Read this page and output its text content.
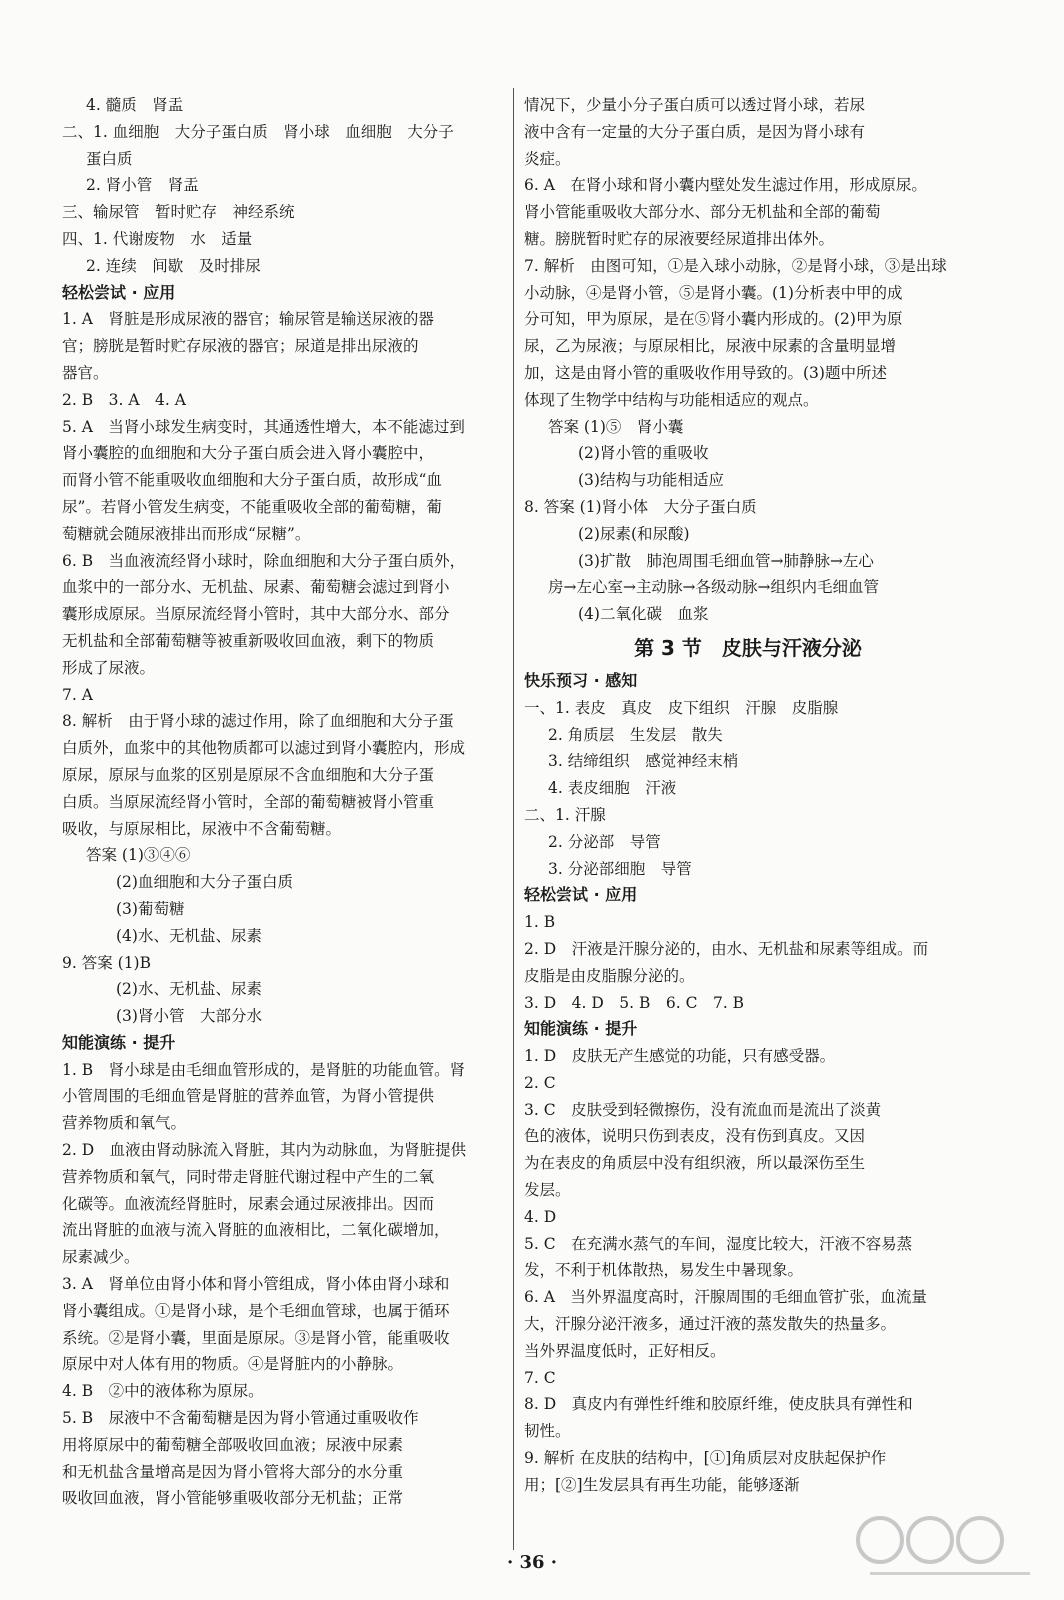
4. 髓质　肾盂
二、1. 血细胞　大分子蛋白质　肾小球　血细胞　大分子
蛋白质
2. 肾小管　肾盂
三、输尿管　暂时贮存　神经系统
四、1. 代谢废物　水　适量
2. 连续　间歇　及时排尿
轻松尝试 · 应用
1. A　肾脏是形成尿液的器官；输尿管是输送尿液的器
官；膀胱是暂时贮存尿液的器官；尿道是排出尿液的
器官。
2. B　3. A　4. A
5. A　当肾小球发生病变时，其通透性增大，本不能滤过到
肾小囊腔的血细胞和大分子蛋白质会进入肾小囊腔中，
而肾小管不能重吸收血细胞和大分子蛋白质，故形成“血
尿”。若肾小管发生病变，不能重吸收全部的葡萄糖，葡
萄糖就会随尿液排出而形成“尿糖”。
6. B　当血液流经肾小球时，除血细胞和大分子蛋白质外，
血浆中的一部分水、无机盐、尿素、葡萄糖会滤过到肾小
囊形成原尿。当原尿流经肾小管时，其中大部分水、部分
无机盐和全部葡萄糖等被重新吸收回血液，剩下的物质
形成了尿液。
7. A
8. 解析　由于肾小球的滤过作用，除了血细胞和大分子蛋
白质外，血浆中的其他物质都可以滤过到肾小囊腔内，形成
原尿，原尿与血浆的区别是原尿不含血细胞和大分子蛋
白质。当原尿流经肾小管时，全部的葡萄糖被肾小管重
吸收，与原尿相比，尿液中不含葡萄糖。
答案 (1)③④⑥
(2)血细胞和大分子蛋白质
(3)葡萄糖
(4)水、无机盐、尿素
9. 答案 (1)B
(2)水、无机盐、尿素
(3)肾小管　大部分水
知能演练 · 提升
1. B　肾小球是由毛细血管形成的，是肾脏的功能血管。肾
小管周围的毛细血管是肾脏的营养血管，为肾小管提供
营养物质和氧气。
2. D　血液由肾动脉流入肾脏，其内为动脉血，为肾脏提供
营养物质和氧气，同时带走肾脏代谢过程中产生的二氧
化碳等。血液流经肾脏时，尿素会通过尿液排出。因而
流出肾脏的血液与流入肾脏的血液相比，二氧化碳增加，
尿素减少。
3. A　肾单位由肾小体和肾小管组成，肾小体由肾小球和
肾小囊组成。①是肾小球，是个毛细血管球，也属于循环
系统。②是肾小囊，里面是原尿。③是肾小管，能重吸收
原尿中对人体有用的物质。④是肾脏内的小静脉。
4. B　②中的液体称为原尿。
5. B　尿液中不含葡萄糖是因为肾小管通过重吸收作
用将原尿中的葡萄糖全部吸收回血液；尿液中尿素
和无机盐含量增高是因为肾小管将大部分的水分重
吸收回血液，肾小管能够重吸收部分无机盐；正常
情况下，少量小分子蛋白质可以透过肾小球，若尿
液中含有一定量的大分子蛋白质，是因为肾小球有
炎症。
6. A　在肾小球和肾小囊内壁处发生滤过作用，形成原尿。
肾小管能重吸收大部分水、部分无机盐和全部的葡萄
糖。膀胱暂时贮存的尿液要经尿道排出体外。
7. 解析　由图可知，①是入球小动脉，②是肾小球，③是出球
小动脉，④是肾小管，⑤是肾小囊。(1)分析表中甲的成
分可知，甲为原尿，是在⑤肾小囊内形成的。(2)甲为原
尿，乙为尿液；与原尿相比，尿液中尿素的含量明显增
加，这是由肾小管的重吸收作用导致的。(3)题中所述
体现了生物学中结构与功能相适应的观点。
答案 (1)⑤　肾小囊
(2)肾小管的重吸收
(3)结构与功能相适应
8. 答案 (1)肾小体　大分子蛋白质
(2)尿素(和尿酸)
(3)扩散　肺泡周围毛细血管→肺静脉→左心
房→左心室→主动脉→各级动脉→组织内毛细血管
(4)二氧化碳　血浆
第 3 节　皮肤与汗液分泌
快乐预习 · 感知
一、1. 表皮　真皮　皮下组织　汗腺　皮脂腺
2. 角质层　生发层　散失
3. 结缔组织　感觉神经末梢
4. 表皮细胞　汗液
二、1. 汗腺
2. 分泌部　导管
3. 分泌部细胞　导管
轻松尝试 · 应用
1. B
2. D　汗液是汗腺分泌的，由水、无机盐和尿素等组成。而
皮脂是由皮脂腺分泌的。
3. D　4. D　5. B　6. C　7. B
知能演练 · 提升
1. D　皮肤无产生感觉的功能，只有感受器。
2. C
3. C　皮肤受到轻微擦伤，没有流血而是流出了淡黄
色的液体，说明只伤到表皮，没有伤到真皮。又因
为在表皮的角质层中没有组织液，所以最深伤至生
发层。
4. D
5. C　在充满水蒸气的车间，湿度比较大，汗液不容易蒸
发，不利于机体散热，易发生中暑现象。
6. A　当外界温度高时，汗腺周围的毛细血管扩张，血流量
大，汗腺分泌汗液多，通过汗液的蒸发散失的热量多。
当外界温度低时，正好相反。
7. C
8. D　真皮内有弹性纤维和胶原纤维，使皮肤具有弹性和
韧性。
9. 解析 在皮肤的结构中，[①]角质层对皮肤起保护作
用；[②]生发层具有再生功能，能够逐渐
· 36 ·
